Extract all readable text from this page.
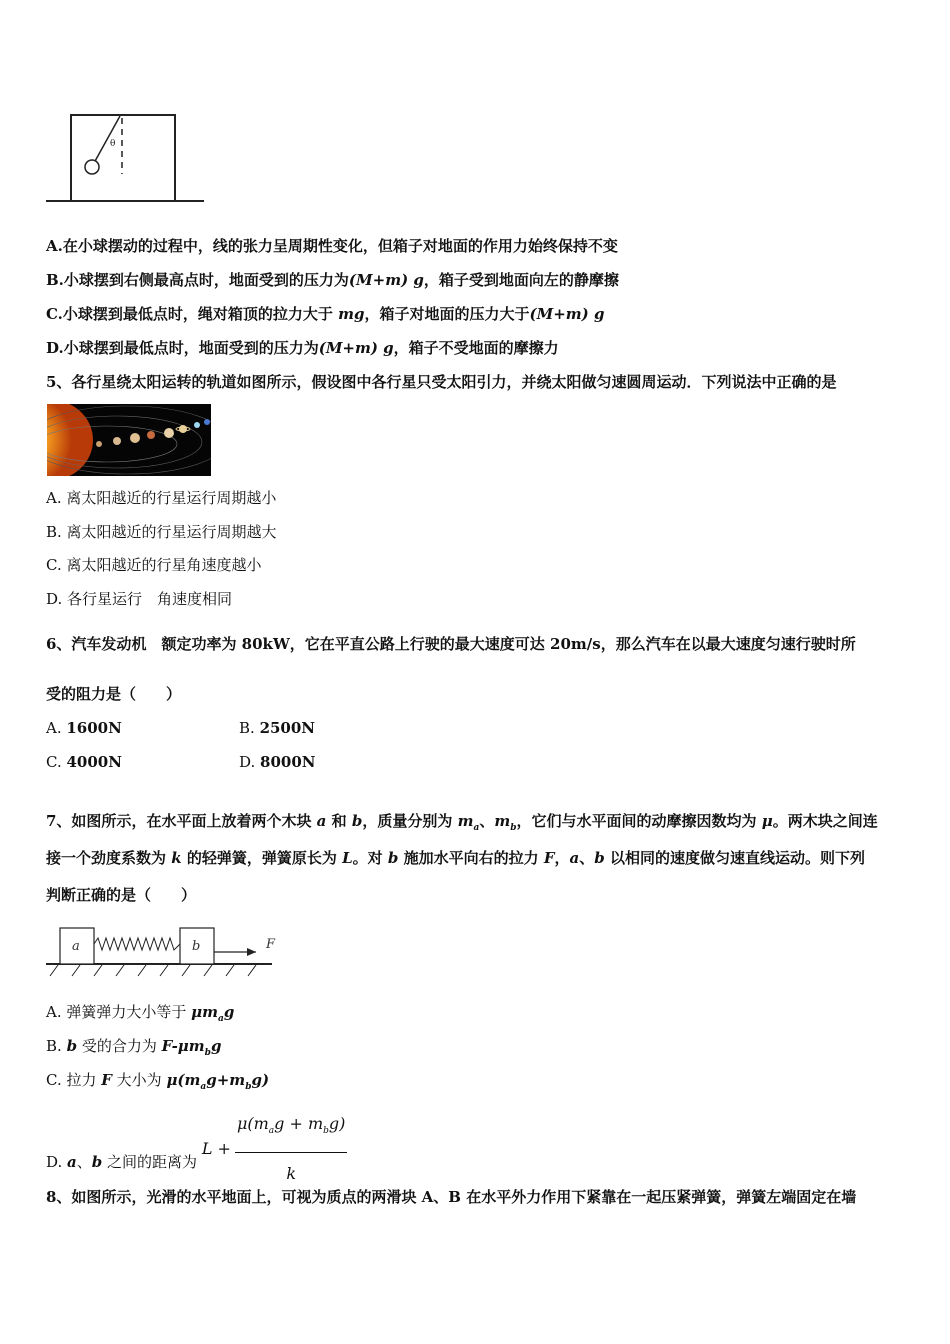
θ
A.在小球摆动的过程中，线的张力呈周期性变化，但箱子对地面的作用力始终保持不变
B.小球摆到右侧最高点时，地面受到的压力为(M+m) g，箱子受到地面向左的静摩擦
C.小球摆到最低点时，绳对箱顶的拉力大于 mg，箱子对地面的压力大于(M+m) g
D.小球摆到最低点时，地面受到的压力为(M+m) g，箱子不受地面的摩擦力
5、各行星绕太阳运转的轨道如图所示，假设图中各行星只受太阳引力，并绕太阳做匀速圆周运动．下列说法中正确的是
A. 离太阳越近的行星运行周期越小
B. 离太阳越近的行星运行周期越大
C. 离太阳越近的行星角速度越小
D. 各行星运行　角速度相同
6、汽车发动机　额定功率为 80kW，它在平直公路上行驶的最大速度可达 20m/s，那么汽车在以最大速度匀速行驶时所
受的阻力是（　　）
A. 1600N	B. 2500N
C. 4000N	D. 8000N
7、如图所示，在水平面上放着两个木块 a 和 b，质量分别为 $m_a$、$m_b$，它们与水平面间的动摩擦因数均为 μ。两木块之间连
接一个劲度系数为 k 的轻弹簧，弹簧原长为 L。对 b 施加水平向右的拉力 F，a、b 以相同的速度做匀速直线运动。则下列
判断正确的是（　　）
a	b	F
A. 弹簧弹力大小等于 $\mu m_ag$
B. b 受的合力为 $F-\mu m_bg$
C. 拉力 F 大小为 $\mu(m_ag+m_bg)$
D. a、b 之间的距离为
$L + \frac{\mu(m_ag + m_bg)}{k}$
8、如图所示，光滑的水平地面上，可视为质点的两滑块 A、B 在水平外力作用下紧靠在一起压紧弹簧，弹簧左端固定在墙
